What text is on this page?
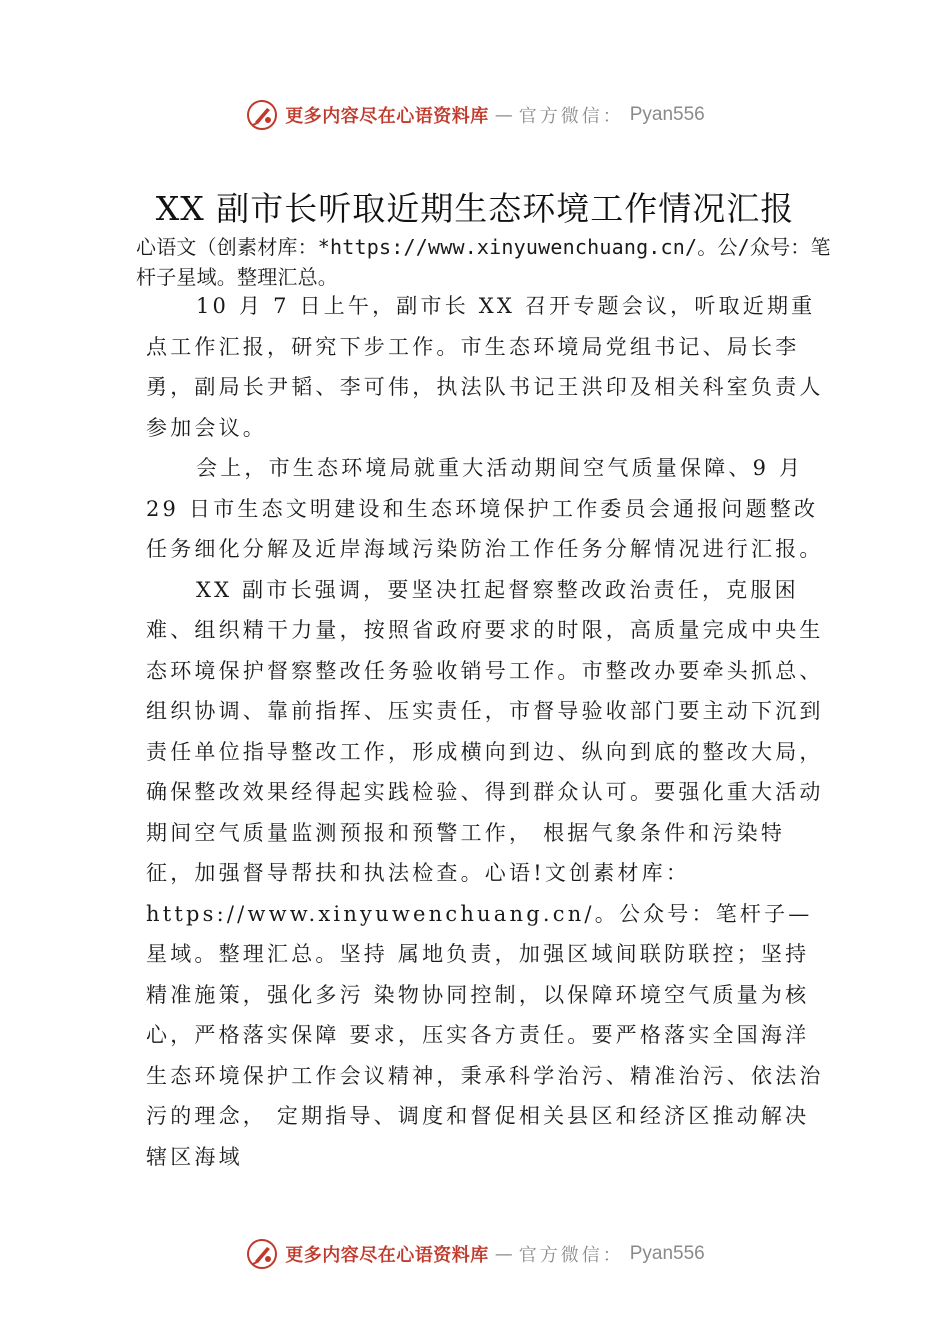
更多内容尽在心语资料库 — 官方微信： Pyan556
XX 副市长听取近期生态环境工作情况汇报

心语文（创素材库：*https://www.xinyuwenchuang.cn/。公/众号：笔杆子星域。整理汇总。

10 月 7 日上午，副市长 XX 召开专题会议，听取近期重点工作汇报，研究下步工作。市生态环境局党组书记、局长李勇，副局长尹韬、李可伟，执法队书记王洪印及相关科室负责人参加会议。

会上，市生态环境局就重大活动期间空气质量保障、9 月 29 日市生态文明建设和生态环境保护工作委员会通报问题整改任务细化分解及近岸海域污染防治工作任务分解情况进行汇报。

XX 副市长强调，要坚决扛起督察整改政治责任，克服困难、组织精干力量，按照省政府要求的时限，高质量完成中央生态环境保护督察整改任务验收销号工作。市整改办要牵头抓总、组织协调、靠前指挥、压实责任，市督导验收部门要主动下沉到责任单位指导整改工作，形成横向到边、纵向到底的整改大局，确保整改效果经得起实践检验、得到群众认可。要强化重大活动期间空气质量监测预报和预警工作， 根据气象条件和污染特征，加强督导帮扶和执法检查。心语!文创素材库：https://www.xinyuwenchuang.cn/。公众号：笔杆子—星域。整理汇总。坚持 属地负责，加强区域间联防联控；坚持精准施策，强化多污 染物协同控制，以保障环境空气质量为核心，严格落实保障 要求，压实各方责任。要严格落实全国海洋生态环境保护工作会议精神，秉承科学治污、精准治污、依法治污的理念， 定期指导、调度和督促相关县区和经济区推动解决辖区海域

更多内容尽在心语资料库 — 官方微信： Pyan556
